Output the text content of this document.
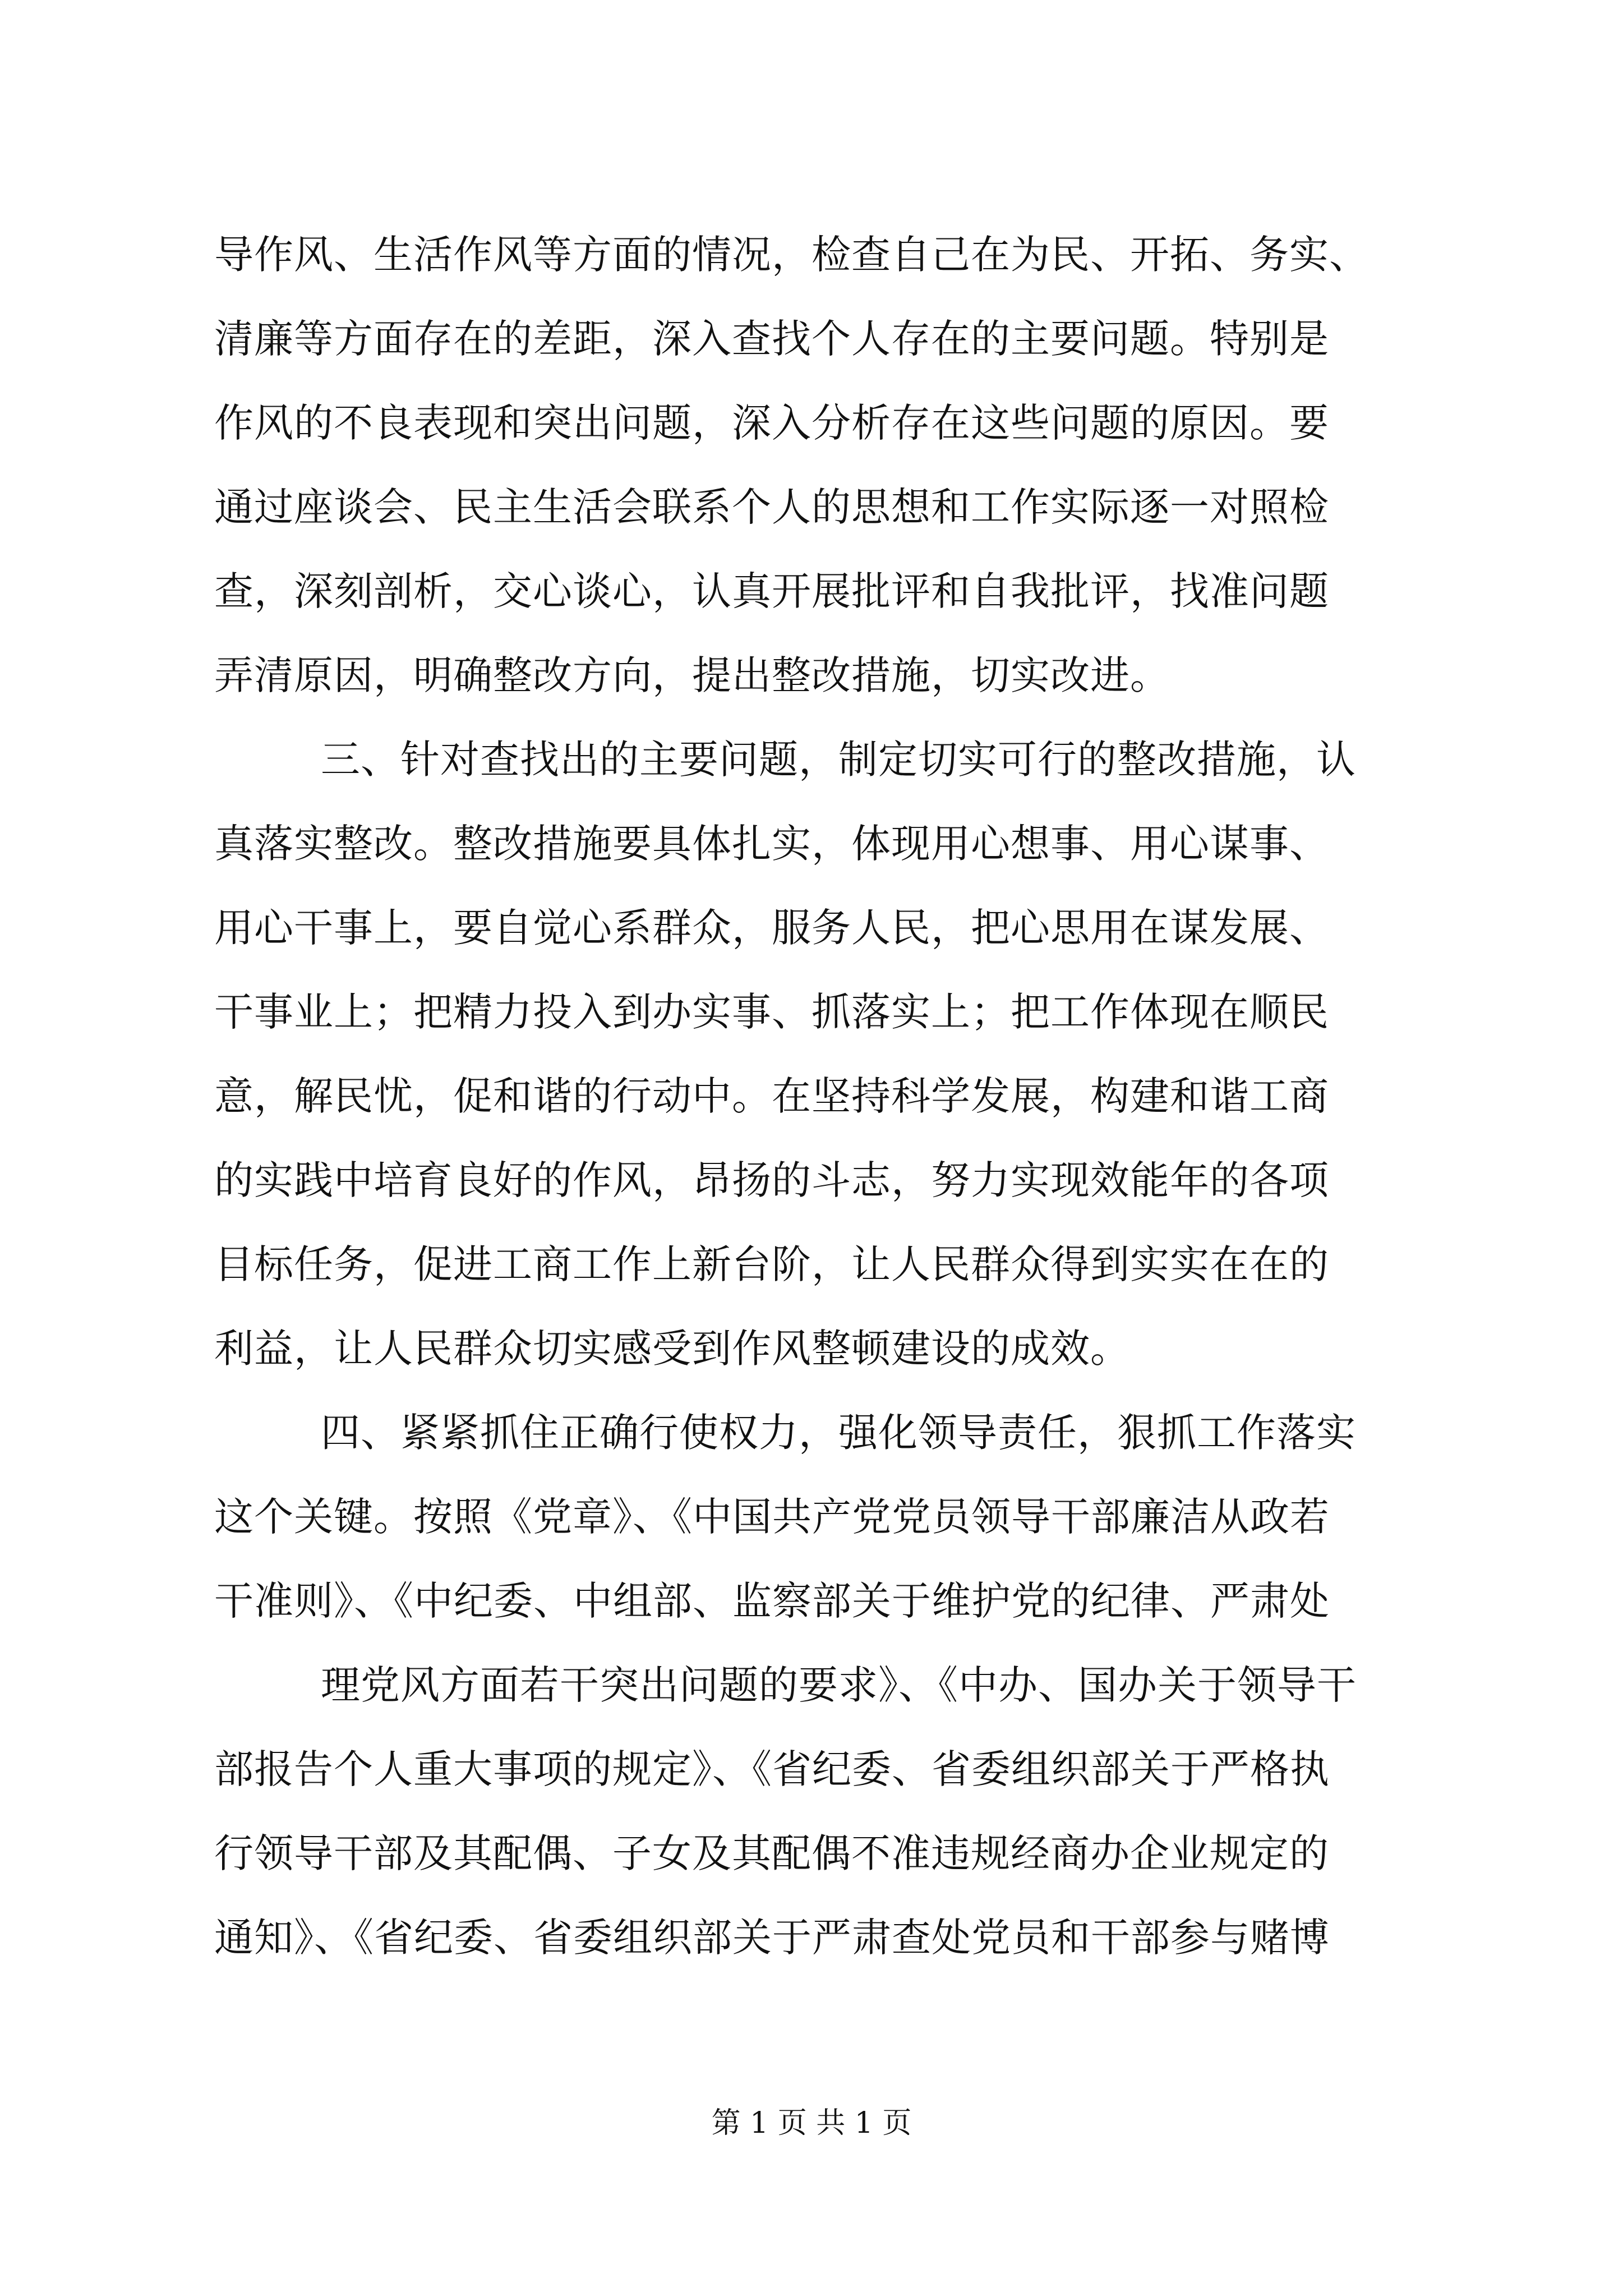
导作风、生活作风等方面的情况，检查自己在为民、开拓、务实、
清廉等方面存在的差距，深入查找个人存在的主要问题。特别是
作风的不良表现和突出问题，深入分析存在这些问题的原因。要
通过座谈会、民主生活会联系个人的思想和工作实际逐一对照检
查，深刻剖析，交心谈心，认真开展批评和自我批评，找准问题
弄清原因，明确整改方向，提出整改措施，切实改进。
三、针对查找出的主要问题，制定切实可行的整改措施，认
真落实整改。整改措施要具体扎实，体现用心想事、用心谋事、
用心干事上，要自觉心系群众，服务人民，把心思用在谋发展、
干事业上；把精力投入到办实事、抓落实上；把工作体现在顺民
意，解民忧，促和谐的行动中。在坚持科学发展，构建和谐工商
的实践中培育良好的作风，昂扬的斗志，努力实现效能年的各项
目标任务，促进工商工作上新台阶，让人民群众得到实实在在的
利益，让人民群众切实感受到作风整顿建设的成效。
四、紧紧抓住正确行使权力，强化领导责任，狠抓工作落实
这个关键。按照《党章》、《中国共产党党员领导干部廉洁从政若
干准则》、《中纪委、中组部、监察部关于维护党的纪律、严肃处
理党风方面若干突出问题的要求》、《中办、国办关于领导干
部报告个人重大事项的规定》、《省纪委、省委组织部关于严格执
行领导干部及其配偶、子女及其配偶不准违规经商办企业规定的
通知》、《省纪委、省委组织部关于严肃查处党员和干部参与赌博
第 1 页 共 1 页
